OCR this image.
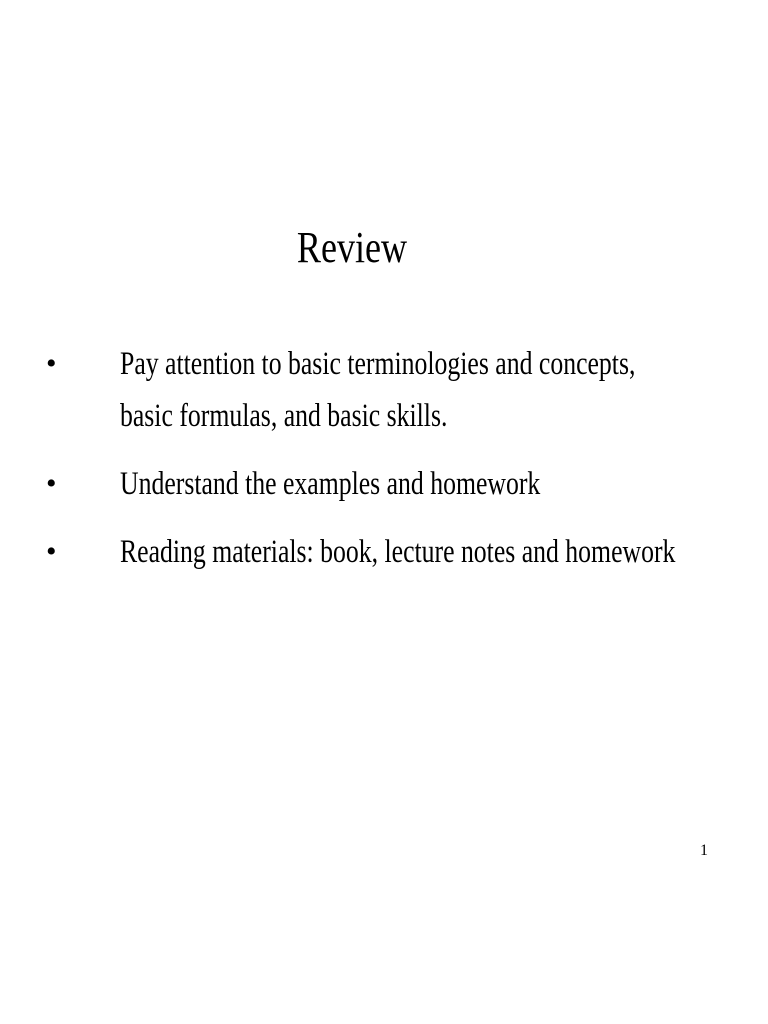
Review
• Pay attention to basic terminologies and concepts,
basic formulas, and basic skills.
• Understand the examples and homework
• Reading materials: book, lecture notes and homework
1
